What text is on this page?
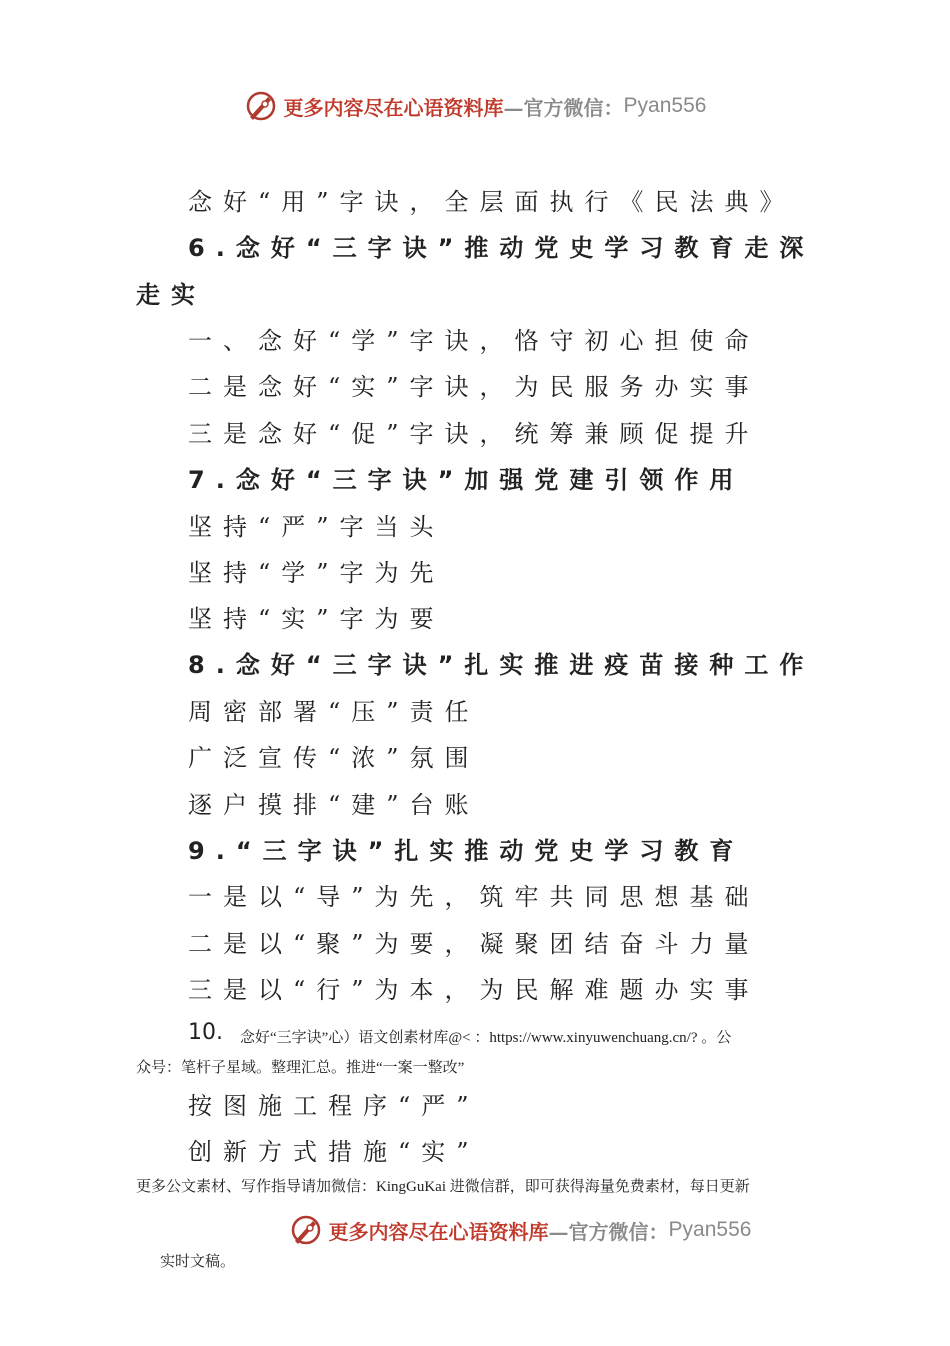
更多内容尽在心语资料库 —官方微信： Pyan556
念好“用”字诀，全层面执行《民法典》
6.念好“三字诀”推动党史学习教育走深
走实
一、念好“学”字诀，恪守初心担使命
二是念好“实”字诀，为民服务办实事
三是念好“促”字诀，统筹兼顾促提升
7.念好“三字诀”加强党建引领作用
坚持“严”字当头
坚持“学”字为先
坚持“实”字为要
8.念好“三字诀”扎实推进疫苗接种工作
周密部署“压”责任
广泛宣传“浓”氛围
逐户摸排“建”台账
9.“三字诀”扎实推动党史学习教育
一是以“导”为先，筑牢共同思想基础
二是以“聚”为要，凝聚团结奋斗力量
三是以“行”为本，为民解难题办实事
10. 念好“三字诀”心）语文创素材库@< ：https://www.xinyuwenchuang.cn/? 。公
众号：笔杆子星域。整理汇总。推进“一案一整改”
按图施工程序“严”
创新方式措施“实”
更多公文素材、写作指导请加微信：KingGuKai 进微信群，即可获得海量免费素材，每日更新
更多内容尽在心语资料库 —官方微信： Pyan556
实时文稿。
